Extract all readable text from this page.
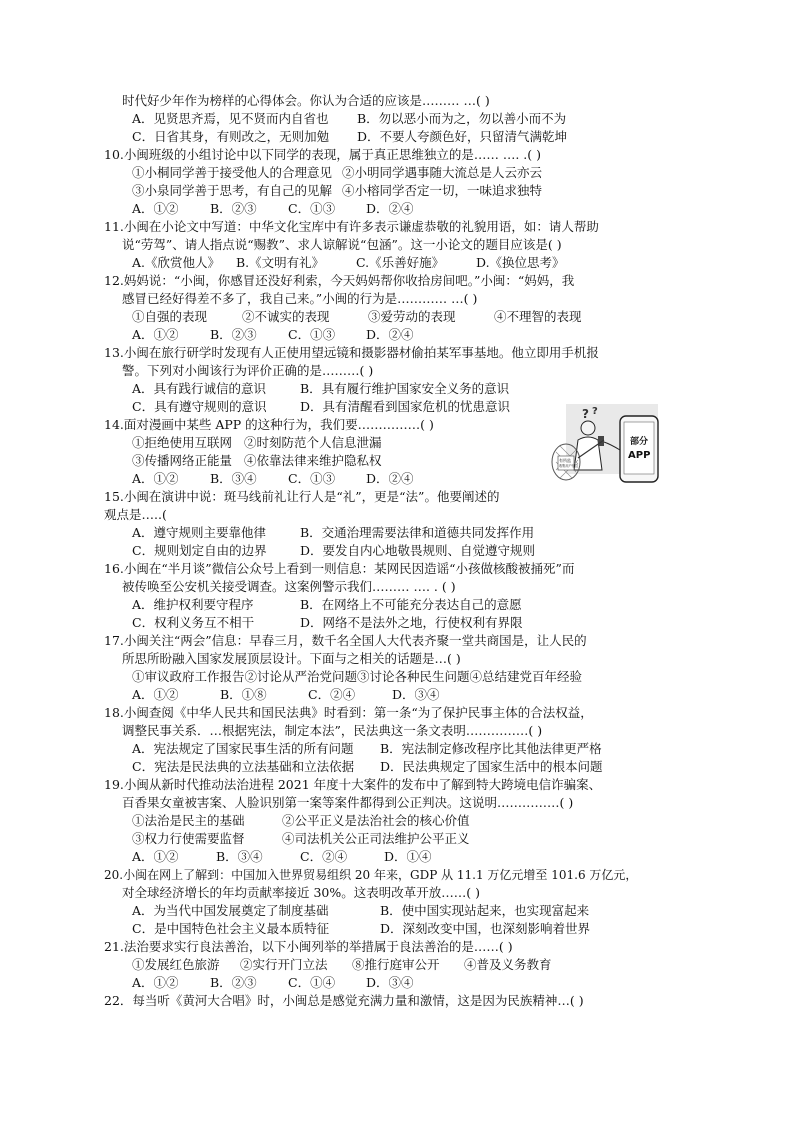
时代好少年作为榜样的心得体会。你认为合适的应该是……… …( )
A．见贤思齐焉，见不贤而内自省也	B．勿以恶小而为之，勿以善小而不为
C．日省其身，有则改之，无则加勉	D．不要人夸颜色好，只留清气满乾坤
10.小闽班级的小组讨论中以下同学的表现，属于真正思维独立的是…… …. .( )
①小桐同学善于接受他人的合理意见 ②小明同学遇事随大流总是人云亦云
③小泉同学善于思考，有自己的见解 ④小榕同学否定一切，一味追求独特
A．①②	B．②③	C．①③	D．②④
11.小闽在小论文中写道：中华文化宝库中有许多表示谦虚恭敬的礼貌用语，如：请人帮助
说“劳驾”、请人指点说“赐教”、求人谅解说“包涵”。这一小论文的题目应该是( )
A.《欣赏他人》	B.《文明有礼》	C.《乐善好施》	D.《换位思考》
12.妈妈说：“小闽，你感冒还没好利索，今天妈妈帮你收拾房间吧。”小闽：“妈妈，我
感冒已经好得差不多了，我自己来。”小闽的行为是………… …( )
①自强的表现	②不诚实的表现	③爱劳动的表现	④不理智的表现
A．①②	B．②③	C．①③	D．②④
13.小闽在旅行研学时发现有人正使用望远镜和摄影器材偷拍某军事基地。他立即用手机报
警。下列对小闽该行为评价正确的是………( )
A．具有践行诚信的意识	B．具有履行维护国家安全义务的意识
C．具有遵守规则的意识	D．具有清醒看到国家危机的忧患意识
14.面对漫画中某些 APP 的这种行为，我们要……………( )
①拒绝使用互联网 ②时刻防范个人信息泄漏
③传播网络正能量 ④依靠法律来维护隐私权
A．①②	B．③④	C．①③	D．②④
15.小闽在演讲中说：斑马线前礼让行人是“礼”，更是“法”。他要阐述的
观点是…..(
A．遵守规则主要靠他律	B．交通治理需要法律和道德共同发挥作用
C．规则划定自由的边界	D．要发自内心地敬畏规则、自觉遵守规则
16.小闽在“半月谈”微信公众号上看到一则信息：某网民因造谣“小孩做核酸被捅死”而
被传唤至公安机关接受调查。这案例警示我们……… …. . ( )
A．维护权利要守程序	B．在网络上不可能充分表达自己的意愿
C．权利义务互不相干	D．网络不是法外之地，行使权利有界限
17.小闽关注“两会”信息：早春三月，数千名全国人大代表齐聚一堂共商国是，让人民的
所思所盼融入国家发展顶层设计。下面与之相关的话题是…( )
①审议政府工作报告②讨论从严治党问题③讨论各种民生问题④总结建党百年经验
A．①②	B．①⑧	C．②④	D．③④
18.小闽查阅《中华人民共和国民法典》时看到：第一条“为了保护民事主体的合法权益，
调整民事关系．…根据宪法，制定本法”，民法典这一条文表明……………( )
A．宪法规定了国家民事生活的所有问题	B．宪法制定修改程序比其他法律更严格
C．宪法是民法典的立法基础和立法依据	D．民法典规定了国家生活中的根本问题
19.小闽从新时代推动法治进程 2021 年度十大案件的发布中了解到特大跨境电信诈骗案、
百香果女童被害案、人脸识别第一案等案件都得到公正判决。这说明……………( )
①法治是民主的基础	②公平正义是法治社会的核心价值
③权力行使需要监督	④司法机关公正司法维护公平正义
A．①②	B．③④	C．②④	D．①④
20.小闽在网上了解到：中国加入世界贸易组织 20 年来，GDP 从 11.1 万亿元增至 101.6 万亿元，
对全球经济增长的年均贡献率接近 30%。这表明改革开放……( )
A．为当代中国发展奠定了制度基础	B．使中国实现站起来，也实现富起来
C．是中国特色社会主义最本质特征	D．深刻改变中国，也深刻影响着世界
21.法治要求实行良法善治，以下小闽列举的举措属于良法善治的是……( )
①发展红色旅游	②实行开门立法	⑧推行庭审公开	④普及义务教育
A．①②	B．②③	C．①④	D．③④
22．每当听《黄河大合唱》时，小闽总是感觉充满力量和激情，这是因为民族精神…( )
? ?
有所监
收集用户信息
部分
APP
